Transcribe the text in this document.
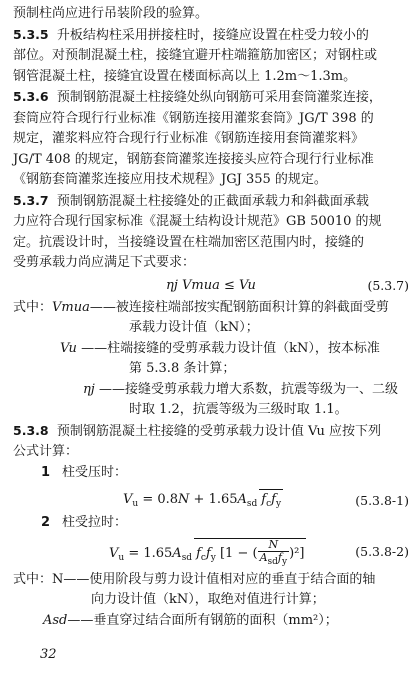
预制柱尚应进行吊装阶段的验算。
5.3.5 升板结构柱采用拼接柱时，接缝应设置在柱受力较小的
部位。对预制混凝土柱，接缝宜避开柱端箍筋加密区；对钢柱或
钢管混凝土柱，接缝宜设置在楼面标高以上 1.2m～1.3m。
5.3.6 预制钢筋混凝土柱接缝处纵向钢筋可采用套筒灌浆连接，
套筒应符合现行行业标准《钢筋连接用灌浆套筒》JG/T 398 的
规定，灌浆料应符合现行行业标准《钢筋连接用套筒灌浆料》
JG/T 408 的规定，钢筋套筒灌浆连接接头应符合现行行业标准
《钢筋套筒灌浆连接应用技术规程》JGJ 355 的规定。
5.3.7 预制钢筋混凝土柱接缝处的正截面承载力和斜截面承载
力应符合现行国家标准《混凝土结构设计规范》GB 50010 的规
定。抗震设计时，当接缝设置在柱端加密区范围内时，接缝的
受剪承载力尚应满足下式要求：
ηj Vmua ≤ Vu	(5.3.7)
式中：Vmua——被连接柱端部按实配钢筋面积计算的斜截面受剪
承载力设计值（kN）；
Vu ——柱端接缝的受剪承载力设计值（kN），按本标准
第 5.3.8 条计算；
ηj ——接缝受剪承载力增大系数，抗震等级为一、二级
时取 1.2，抗震等级为三级时取 1.1。
5.3.8 预制钢筋混凝土柱接缝的受剪承载力设计值 Vu 应按下列
公式计算：
1 柱受压时：
$V_u = 0.8N + 1.65A_{sd}$ $f_cf_y$	(5.3.8-1)
2 柱受拉时：
$V_u = 1.65A_{sd}$ $f_cf_y$ [1 − ( $\frac{N}{A_{sd}f_y} )^2$]	(5.3.8-2)
式中：N——使用阶段与剪力设计值相对应的垂直于结合面的轴
向力设计值（kN），取绝对值进行计算；
Asd——垂直穿过结合面所有钢筋的面积（mm²）；
32
